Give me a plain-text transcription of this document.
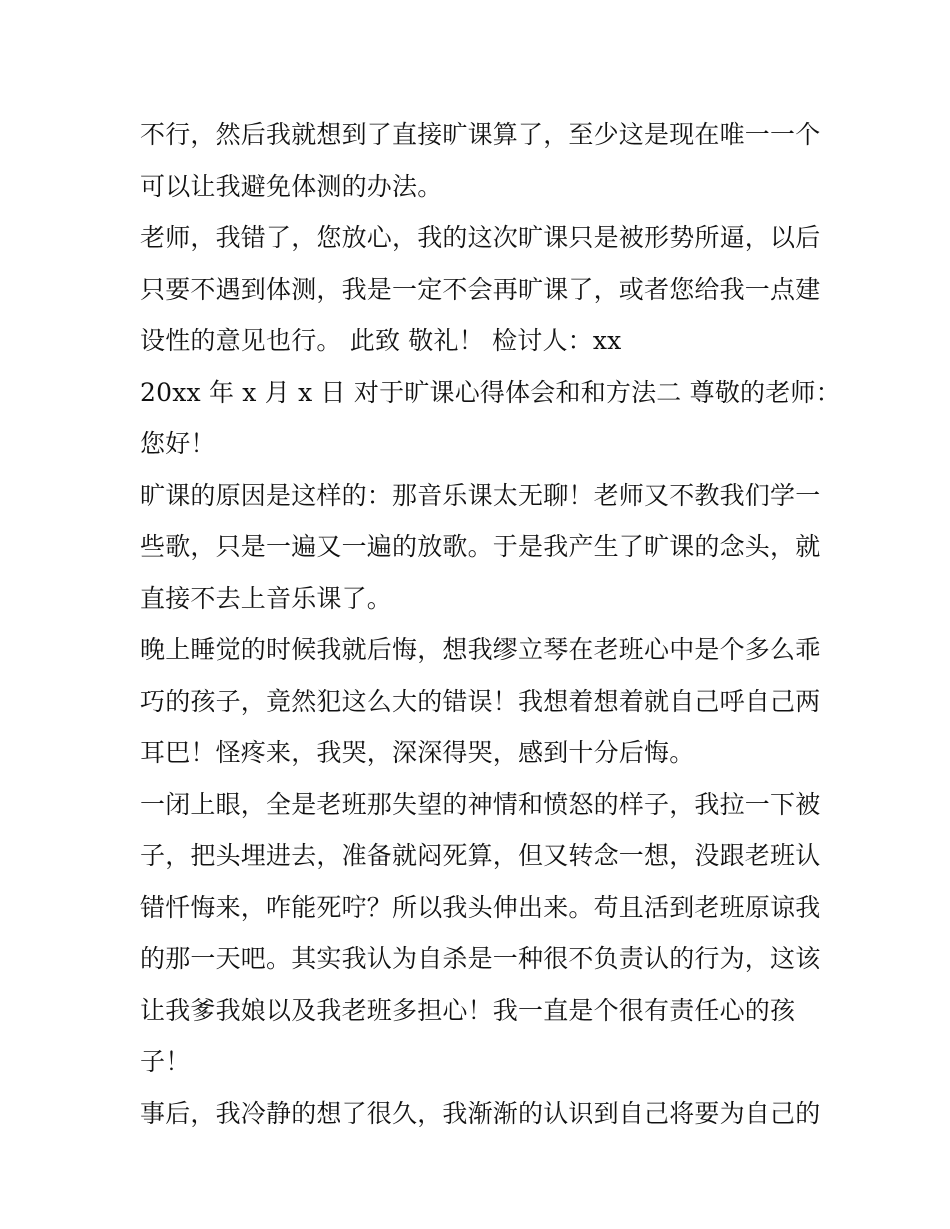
不行，然后我就想到了直接旷课算了，至少这是现在唯一一个
可以让我避免体测的办法。
老师，我错了，您放心，我的这次旷课只是被形势所逼，以后
只要不遇到体测，我是一定不会再旷课了，或者您给我一点建
设性的意见也行。 此致 敬礼！ 检讨人：xx
20xx 年 x 月 x 日 对于旷课心得体会和和方法二 尊敬的老师：
您好！
旷课的原因是这样的：那音乐课太无聊！老师又不教我们学一
些歌，只是一遍又一遍的放歌。于是我产生了旷课的念头，就
直接不去上音乐课了。
晚上睡觉的时候我就后悔，想我缪立琴在老班心中是个多么乖
巧的孩子，竟然犯这么大的错误！我想着想着就自己呼自己两
耳巴！怪疼来，我哭，深深得哭，感到十分后悔。
一闭上眼，全是老班那失望的神情和愤怒的样子，我拉一下被
子，把头埋进去，准备就闷死算，但又转念一想，没跟老班认
错忏悔来，咋能死咛？所以我头伸出来。苟且活到老班原谅我
的那一天吧。其实我认为自杀是一种很不负责认的行为，这该
让我爹我娘以及我老班多担心！我一直是个很有责任心的孩
子！
事后，我冷静的想了很久，我渐渐的认识到自己将要为自己的
